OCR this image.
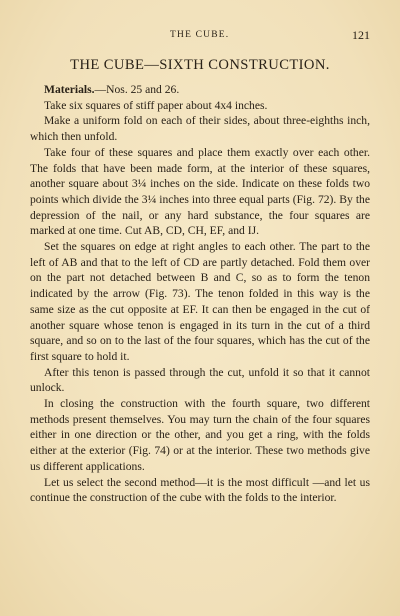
THE CUBE.	121
THE CUBE—SIXTH CONSTRUCTION.

Materials.—Nos. 25 and 26.

Take six squares of stiff paper about 4x4 inches.

Make a uniform fold on each of their sides, about three-eighths inch, which then unfold.

Take four of these squares and place them exactly over each other. The folds that have been made form, at the interior of these squares, another square about 3¼ inches on the side. Indicate on these folds two points which divide the 3¼ inches into three equal parts (Fig. 72). By the depression of the nail, or any hard substance, the four squares are marked at one time. Cut AB, CD, CH, EF, and IJ.

Set the squares on edge at right angles to each other. The part to the left of AB and that to the left of CD are partly detached. Fold them over on the part not detached between B and C, so as to form the tenon indicated by the arrow (Fig. 73). The tenon folded in this way is the same size as the cut opposite at EF. It can then be engaged in the cut of another square whose tenon is engaged in its turn in the cut of a third square, and so on to the last of the four squares, which has the cut of the first square to hold it.

After this tenon is passed through the cut, unfold it so that it cannot unlock.

In closing the construction with the fourth square, two different methods present themselves. You may turn the chain of the four squares either in one direction or the other, and you get a ring, with the folds either at the exterior (Fig. 74) or at the interior. These two methods give us different applications.

Let us select the second method—it is the most difficult —and let us continue the construction of the cube with the folds to the interior.
